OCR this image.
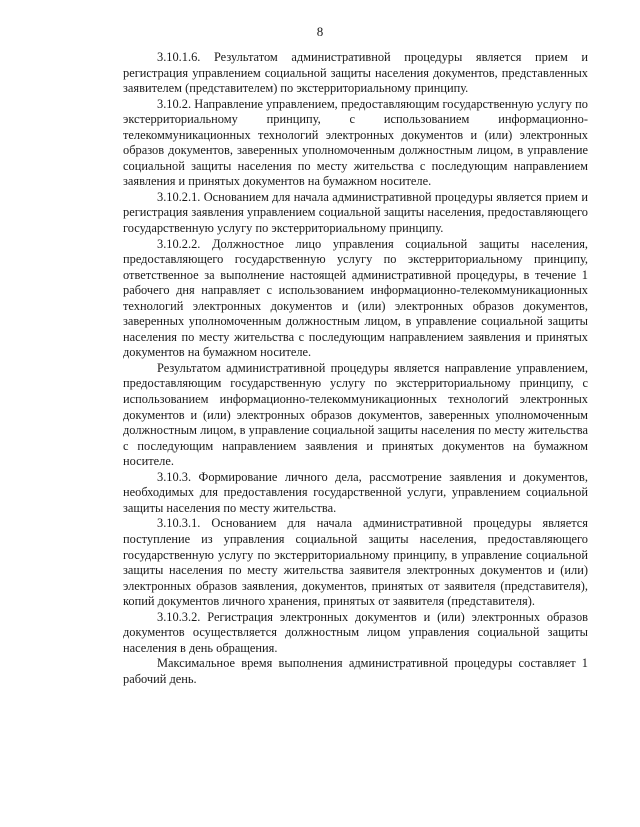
8

3.10.1.6. Результатом административной процедуры является прием и регистрация управлением социальной защиты населения документов, представленных заявителем (представителем) по экстерриториальному принципу.

3.10.2. Направление управлением, предоставляющим государственную услугу по экстерриториальному принципу, с использованием информационно-телекоммуникационных технологий электронных документов и (или) электронных образов документов, заверенных уполномоченным должностным лицом, в управление социальной защиты населения по месту жительства с последующим направлением заявления и принятых документов на бумажном носителе.

3.10.2.1. Основанием для начала административной процедуры является прием и регистрация заявления управлением социальной защиты населения, предоставляющего государственную услугу по экстерриториальному принципу.

3.10.2.2. Должностное лицо управления социальной защиты населения, предоставляющего государственную услугу по экстерриториальному принципу, ответственное за выполнение настоящей административной процедуры, в течение 1 рабочего дня направляет с использованием информационно-телекоммуникационных технологий электронных документов и (или) электронных образов документов, заверенных уполномоченным должностным лицом, в управление социальной защиты населения по месту жительства с последующим направлением заявления и принятых документов на бумажном носителе.

Результатом административной процедуры является направление управлением, предоставляющим государственную услугу по экстерриториальному принципу, с использованием информационно-телекоммуникационных технологий электронных документов и (или) электронных образов документов, заверенных уполномоченным должностным лицом, в управление социальной защиты населения по месту жительства с последующим направлением заявления и принятых документов на бумажном носителе.

3.10.3. Формирование личного дела, рассмотрение заявления и документов, необходимых для предоставления государственной услуги, управлением социальной защиты населения по месту жительства.

3.10.3.1. Основанием для начала административной процедуры является поступление из управления социальной защиты населения, предоставляющего государственную услугу по экстерриториальному принципу, в управление социальной защиты населения по месту жительства заявителя электронных документов и (или) электронных образов заявления, документов, принятых от заявителя (представителя), копий документов личного хранения, принятых от заявителя (представителя).

3.10.3.2. Регистрация электронных документов и (или) электронных образов документов осуществляется должностным лицом управления социальной защиты населения в день обращения.

Максимальное время выполнения административной процедуры составляет 1 рабочий день.
